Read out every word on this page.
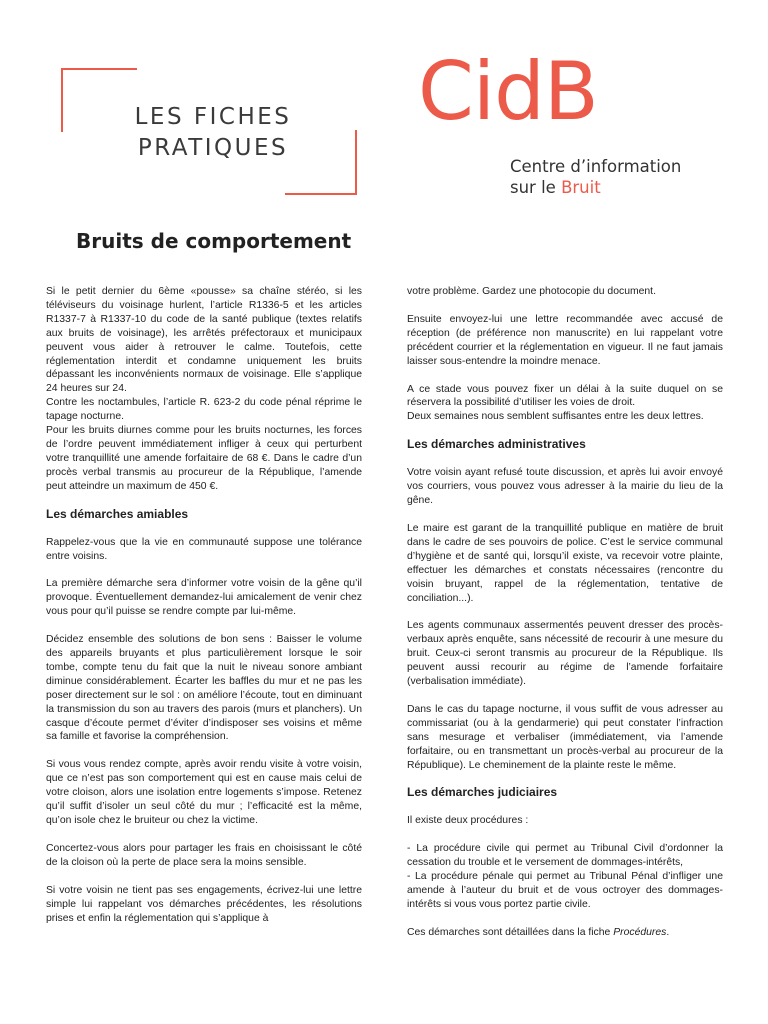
LES FICHES
PRATIQUES
CidB
Centre d’information
sur le Bruit
Bruits de comportement

Si le petit dernier du 6ème «pousse» sa chaîne stéréo, si les téléviseurs du voisinage hurlent, l’article R1336-5 et les articles R1337-7 à R1337-10 du code de la santé publique (textes relatifs aux bruits de voisinage), les arrêtés préfectoraux et municipaux peuvent vous aider à retrouver le calme. Toutefois, cette réglementation interdit et condamne uniquement les bruits dépassant les inconvénients normaux de voisinage. Elle s’applique 24 heures sur 24.

Contre les noctambules, l’article R. 623-2 du code pénal réprime le tapage nocturne.

Pour les bruits diurnes comme pour les bruits nocturnes, les forces de l’ordre peuvent immédiatement infliger à ceux qui perturbent votre tranquillité une amende forfaitaire de 68 €. Dans le cadre d’un procès verbal transmis au procureur de la République, l’amende peut atteindre un maximum de 450 €.

Les démarches amiables

Rappelez-vous que la vie en communauté suppose une tolérance entre voisins.

La première démarche sera d’informer votre voisin de la gêne qu’il provoque. Éventuellement demandez-lui amicalement de venir chez vous pour qu’il puisse se rendre compte par lui-même.

Décidez ensemble des solutions de bon sens : Baisser le volume des appareils bruyants et plus particulièrement lorsque le soir tombe, compte tenu du fait que la nuit le niveau sonore ambiant diminue considérablement. Écarter les baffles du mur et ne pas les poser directement sur le sol : on améliore l’écoute, tout en diminuant la transmission du son au travers des parois (murs et planchers). Un casque d’écoute permet d’éviter d’indisposer ses voisins et même sa famille et favorise la compréhension.

Si vous vous rendez compte, après avoir rendu visite à votre voisin, que ce n’est pas son comportement qui est en cause mais celui de votre cloison, alors une isolation entre logements s’impose. Retenez qu’il suffit d’isoler un seul côté du mur ; l’efficacité est la même, qu’on isole chez le bruiteur ou chez la victime.

Concertez-vous alors pour partager les frais en choisissant le côté de la cloison où la perte de place sera la moins sensible.

Si votre voisin ne tient pas ses engagements, écrivez-lui une lettre simple lui rappelant vos démarches précédentes, les résolutions prises et enfin la réglementation qui s’applique à

votre problème. Gardez une photocopie du document.

Ensuite envoyez-lui une lettre recommandée avec accusé de réception (de préférence non manuscrite) en lui rappelant votre précédent courrier et la réglementation en vigueur. Il ne faut jamais laisser sous-entendre la moindre menace.

A ce stade vous pouvez fixer un délai à la suite duquel on se réservera la possibilité d’utiliser les voies de droit.

Deux semaines nous semblent suffisantes entre les deux lettres.

Les démarches administratives

Votre voisin ayant refusé toute discussion, et après lui avoir envoyé vos courriers, vous pouvez vous adresser à la mairie du lieu de la gêne.

Le maire est garant de la tranquillité publique en matière de bruit dans le cadre de ses pouvoirs de police. C’est le service communal d’hygiène et de santé qui, lorsqu’il existe, va recevoir votre plainte, effectuer les démarches et constats nécessaires (rencontre du voisin bruyant, rappel de la réglementation, tentative de conciliation...).

Les agents communaux assermentés peuvent dresser des procès-verbaux après enquête, sans nécessité de recourir à une mesure du bruit. Ceux-ci seront transmis au procureur de la République. Ils peuvent aussi recourir au régime de l’amende forfaitaire (verbalisation immédiate).

Dans le cas du tapage nocturne, il vous suffit de vous adresser au commissariat (ou à la gendarmerie) qui peut constater l’infraction sans mesurage et verbaliser (immédiatement, via l’amende forfaitaire, ou en transmettant un procès-verbal au procureur de la République). Le cheminement de la plainte reste le même.

Les démarches judiciaires

Il existe deux procédures :

- La procédure civile qui permet au Tribunal Civil d’ordonner la cessation du trouble et le versement de dommages-intérêts,

- La procédure pénale qui permet au Tribunal Pénal d’infliger une amende à l’auteur du bruit et de vous octroyer des dommages-intérêts si vous vous portez partie civile.

Ces démarches sont détaillées dans la fiche Procédures.
